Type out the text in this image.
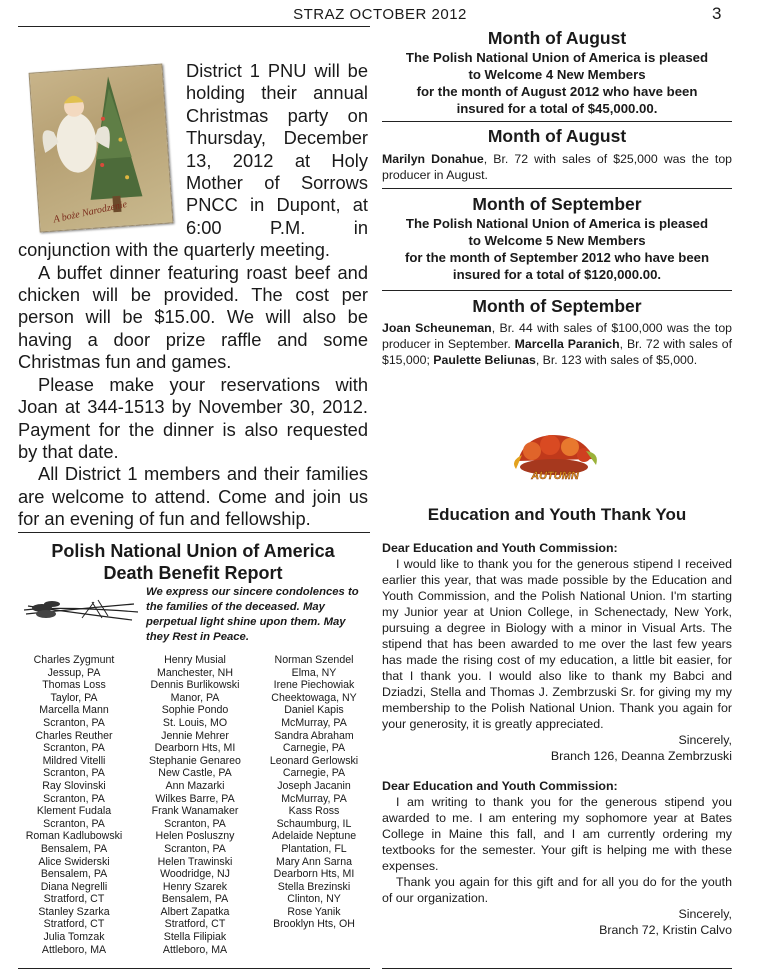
STRAZ OCTOBER 2012	3
A boże Narodzenie

District 1 PNU will be holding their annual Christmas party on Thursday, December 13, 2012 at Holy Mother of Sorrows PNCC in Dupont, at 6:00 P.M. in conjunction with the quarterly meeting.

A buffet dinner featuring roast beef and chicken will be provided. The cost per person will be $15.00. We will also be having a door prize raffle and some Christmas fun and games.

Please make your reservations with Joan at 344-1513 by November 30, 2012. Payment for the dinner is also requested by that date.

All District 1 members and their families are welcome to attend. Come and join us for an evening of fun and fellowship.

Polish National Union of America
Death Benefit Report
We express our sincere condolences to the families of the deceased. May perpetual light shine upon them. May they Rest in Peace.
Charles Zygmunt
Jessup, PA
Thomas Loss
Taylor, PA
Marcella Mann
Scranton, PA
Charles Reuther
Scranton, PA
Mildred Vitelli
Scranton, PA
Ray Slovinski
Scranton, PA
Klement Fudala
Scranton, PA
Roman Kadlubowski
Bensalem, PA
Alice Swiderski
Bensalem, PA
Diana Negrelli
Stratford, CT
Stanley Szarka
Stratford, CT
Julia Tomzak
Attleboro, MA
Henry Musial
Manchester, NH
Dennis Burlikowski
Manor, PA
Sophie Pondo
St. Louis, MO
Jennie Mehrer
Dearborn Hts, MI
Stephanie Genareo
New Castle, PA
Ann Mazarki
Wilkes Barre, PA
Frank Wanamaker
Scranton, PA
Helen Posluszny
Scranton, PA
Helen Trawinski
Woodridge, NJ
Henry Szarek
Bensalem, PA
Albert Zapatka
Stratford, CT
Stella Filipiak
Attleboro, MA
Norman Szendel
Elma, NY
Irene Piechowiak
Cheektowaga, NY
Daniel Kapis
McMurray, PA
Sandra Abraham
Carnegie, PA
Leonard Gerlowski
Carnegie, PA
Joseph Jacanin
McMurray, PA
Kass Ross
Schaumburg, IL
Adelaide Neptune
Plantation, FL
Mary Ann Sarna
Dearborn Hts, MI
Stella Brezinski
Clinton, NY
Rose Yanik
Brooklyn Hts, OH
Month of August
The Polish National Union of America is pleased
to Welcome 4 New Members
for the month of August 2012 who have been
insured for a total of $45,000.00.
Month of August
Marilyn Donahue, Br. 72 with sales of $25,000 was the top producer in August.
Month of September
The Polish National Union of America is pleased
to Welcome 5 New Members
for the month of September 2012 who have been
insured for a total of $120,000.00.
Month of September
Joan Scheuneman, Br. 44 with sales of $100,000 was the top producer in September. Marcella Paranich, Br. 72 with sales of $15,000; Paulette Beliunas, Br. 123 with sales of $5,000.
AUTUMN
Education and Youth Thank You
Dear Education and Youth Commission:

I would like to thank you for the generous stipend I received earlier this year, that was made possible by the Education and Youth Commission, and the Polish National Union. I'm starting my Junior year at Union College, in Schenectady, New York, pursuing a degree in Biology with a minor in Visual Arts. The stipend that has been awarded to me over the last few years has made the rising cost of my education, a little bit easier, for that I thank you. I would also like to thank my Babci and Dziadzi, Stella and Thomas J. Zembrzuski Sr. for giving my my membership to the Polish National Union. Thank you again for your generosity, it is greatly appreciated.

Sincerely,
Branch 126, Deanna Zembrzuski
Dear Education and Youth Commission:

I am writing to thank you for the generous stipend you awarded to me. I am entering my sophomore year at Bates College in Maine this fall, and I am currently ordering my textbooks for the semester. Your gift is helping me with these expenses.

Thank you again for this gift and for all you do for the youth of our organization.

Sincerely,
Branch 72, Kristin Calvo
